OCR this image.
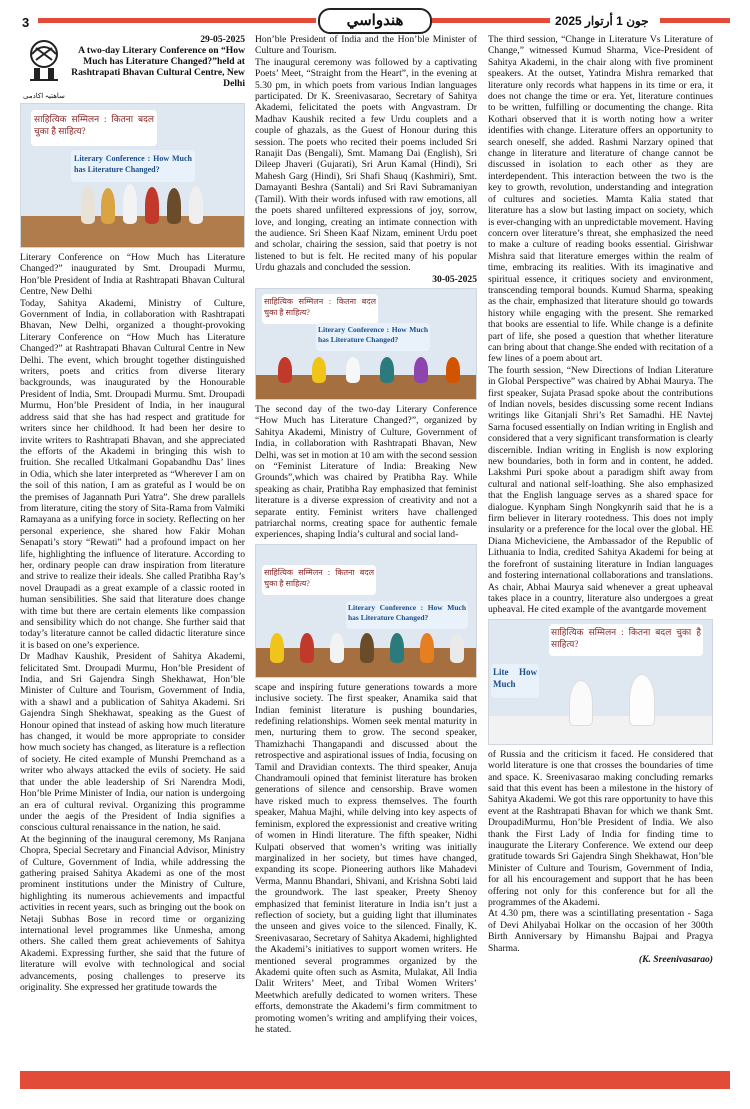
3	هندواسي	2025 جون 1 أرتوار
ساهتیہ اکادمی
29-05-2025
A two-day Literary Conference on “How Much has Literature Changed?”held at Rashtrapati Bhavan Cultural Centre, New Delhi
साहित्यिक सम्मिलन : कितना बदल चुका है साहित्य?
Literary Conference : How Much has Literature Changed?

Literary Conference on “How Much has Literature Changed?” inaugurated by Smt. Droupadi Murmu, Hon’ble President of India at Rashtrapati Bhavan Cultural Centre, New Delhi

Today, Sahitya Akademi, Ministry of Culture, Government of India, in collaboration with Rashtrapati Bhavan, New Delhi, organized a thought-provoking Literary Conference on “How Much has Literature Changed?” at Rashtrapati Bhavan Cultural Centre in New Delhi. The event, which brought together distinguished writers, poets and critics from diverse literary backgrounds, was inaugurated by the Honourable President of India, Smt. Droupadi Murmu. Smt. Droupadi Murmu, Hon’ble President of India, in her inaugural address said that she has had respect and gratitude for writers since her childhood. It had been her desire to invite writers to Rashtrapati Bhavan, and she appreciated the efforts of the Akademi in bringing this wish to fruition. She recalled Utkalmani Gopabandhu Das’ lines in Odia, which she later interpreted as “Wherever I am on the soil of this nation, I am as grateful as I would be on the premises of Jagannath Puri Yatra”. She drew parallels from literature, citing the story of Sita-Rama from Valmiki Ramayana as a unifying force in society. Reflecting on her personal experience, she shared how Fakir Mohan Senapati’s story “Rewati” had a profound impact on her life, highlighting the influence of literature. According to her, ordinary people can draw inspiration from literature and strive to realize their ideals. She called Pratibha Ray’s novel Draupadi as a great example of a classic rooted in human sensibilities. She said that literature does change with time but there are certain elements like compassion and sensibility which do not change. She further said that today’s literature cannot be called didactic literature since it is based on one’s experience.

Dr Madhav Kaushik, President of Sahitya Akademi, felicitated Smt. Droupadi Murmu, Hon’ble President of India, and Sri Gajendra Singh Shekhawat, Hon’ble Minister of Culture and Tourism, Government of India, with a shawl and a publication of Sahitya Akademi. Sri Gajendra Singh Shekhawat, speaking as the Guest of Honour opined that instead of asking how much literature has changed, it would be more appropriate to consider how much society has changed, as literature is a reflection of society. He cited example of Munshi Premchand as a writer who always attacked the evils of society. He said that under the able leadership of Sri Narendra Modi, Hon’ble Prime Minister of India, our nation is undergoing an era of cultural revival. Organizing this programme under the aegis of the President of India signifies a conscious cultural renaissance in the nation, he said.

At the beginning of the inaugural ceremony, Ms Ranjana Chopra, Special Secretary and Financial Advisor, Ministry of Culture, Government of India, while addressing the gathering praised Sahitya Akademi as one of the most prominent institutions under the Ministry of Culture, highlighting its numerous achievements and impactful activities in recent years, such as bringing out the book on Netaji Subhas Bose in record time or organizing international level programmes like Unmesha, among others. She called them great achievements of Sahitya Akademi. Expressing further, she said that the future of literature will evolve with technological and social advancements, posing challenges to preserve its originality. She expressed her gratitude towards the

Hon’ble President of India and the Hon’ble Minister of Culture and Tourism.

The inaugural ceremony was followed by a captivating Poets’ Meet, “Straight from the Heart”, in the evening at 5.30 pm, in which poets from various Indian languages participated. Dr K. Sreenivasarao, Secretary of Sahitya Akademi, felicitated the poets with Angvastram. Dr Madhav Kaushik recited a few Urdu couplets and a couple of ghazals, as the Guest of Honour during this session. The poets who recited their poems included Sri Ranajit Das (Bengali), Smt. Mamang Dai (English), Sri Dileep Jhaveri (Gujarati), Sri Arun Kamal (Hindi), Sri Mahesh Garg (Hindi), Sri Shafi Shauq (Kashmiri), Smt. Damayanti Beshra (Santali) and Sri Ravi Subramaniyan (Tamil). With their words infused with raw emotions, all the poets shared unfiltered expressions of joy, sorrow, love, and longing, creating an intimate connection with the audience. Sri Sheen Kaaf Nizam, eminent Urdu poet and scholar, chairing the session, said that poetry is not listened to but is felt. He recited many of his popular Urdu ghazals and concluded the session.

30-05-2025
साहित्यिक सम्मिलन : कितना बदल चुका है साहित्य?
Literary Conference : How Much has Literature Changed?

The second day of the two-day Literary Conference “How Much has Literature Changed?”, organized by Sahitya Akademi, Ministry of Culture, Government of India, in collaboration with Rashtrapati Bhavan, New Delhi, was set in motion at 10 am with the second session on “Feminist Literature of India: Breaking New Grounds”,which was chaired by Pratibha Ray. While speaking as chair, Pratibha Ray emphasized that feminist literature is a diverse expression of creativity and not a separate entity. Feminist writers have challenged patriarchal norms, creating space for authentic female experiences, shaping India’s cultural and social land-

साहित्यिक सम्मिलन : कितना बदल चुका है साहित्य?
Literary Conference : How Much has Literature Changed?

scape and inspiring future generations towards a more inclusive society. The first speaker, Anamika said that Indian feminist literature is pushing boundaries, redefining relationships. Women seek mental maturity in men, nurturing them to grow. The second speaker, Thamizhachi Thangapandi and discussed about the retrospective and aspirational issues of India, focusing on Tamil and Dravidian contexts. The third speaker, Anuja Chandramouli opined that feminist literature has broken generations of silence and censorship. Brave women have risked much to express themselves. The fourth speaker, Mahua Majhi, while delving into key aspects of feminism, explored the expressionist and creative writing of women in Hindi literature. The fifth speaker, Nidhi Kulpati observed that women’s writing was initially marginalized in her society, but times have changed, expanding its scope. Pioneering authors like Mahadevi Verma, Mannu Bhandari, Shivani, and Krishna Sobti laid the groundwork. The last speaker, Preety Shenoy emphasized that feminist literature in India isn’t just a reflection of society, but a guiding light that illuminates the unseen and gives voice to the silenced. Finally, K. Sreenivasarao, Secretary of Sahitya Akademi, highlighted the Akademi’s initiatives to support women writers. He mentioned several programmes organized by the Akademi quite often such as Asmita, Mulakat, All India Dalit Writers’ Meet, and Tribal Women Writers’ Meetwhich arefully dedicated to women writers. These efforts, demonstrate the Akademi’s firm commitment to promoting women’s writing and amplifying their voices, he stated.

The third session, “Change in Literature Vs Literature of Change,” witnessed Kumud Sharma, Vice-President of Sahitya Akademi, in the chair along with five prominent speakers. At the outset, Yatindra Mishra remarked that literature only records what happens in its time or era, it does not change the time or era. Yet, literature continues to be written, fulfilling or documenting the change. Rita Kothari observed that it is worth noting how a writer identifies with change. Literature offers an opportunity to search oneself, she added. Rashmi Narzary opined that change in literature and literature of change cannot be discussed in isolation to each other as they are interdependent. This interaction between the two is the key to growth, revolution, understanding and integration of cultures and societies. Mamta Kalia stated that literature has a slow but lasting impact on society, which is ever-changing with an unpredictable movement. Having concern over literature’s threat, she emphasized the need to make a culture of reading books essential. Girishwar Mishra said that literature emerges within the realm of time, embracing its realities. With its imaginative and spiritual essence, it critiques society and environment, transcending temporal bounds. Kumud Sharma, speaking as the chair, emphasized that literature should go towards history while engaging with the present. She remarked that books are essential to life. While change is a definite part of life, she posed a question that whether literature can bring about that change.She ended with recitation of a few lines of a poem about art.

The fourth session, “New Directions of Indian Literature in Global Perspective” was chaired by Abhai Maurya. The first speaker, Sujata Prasad spoke about the contributions of Indian novels, besides discussing some recent Indians writings like Gitanjali Shri’s Ret Samadhi. HE Navtej Sarna focused essentially on Indian writing in English and considered that a very significant transformation is clearly discernible. Indian writing in English is now exploring new boundaries, both in form and in content, he added. Lakshmi Puri spoke about a paradigm shift away from cultural and national self-loathing. She also emphasized that the English language serves as a shared space for dialogue. Kynpham Singh Nongkynrih said that he is a firm believer in literary rootedness. This does not imply insularity or a preference for the local over the global. HE Diana Micheviciene, the Ambassador of the Republic of Lithuania to India, credited Sahitya Akademi for being at the forefront of sustaining literature in Indian languages and fostering international collaborations and translations. As chair, Abhai Maurya said whenever a great upheaval takes place in a country, literature also undergoes a great upheaval. He cited example of the avantgarde movement

साहित्यिक सम्मिलन : कितना बदल चुका है साहित्य?
Lite How Much

of Russia and the criticism it faced. He considered that world literature is one that crosses the boundaries of time and space. K. Sreenivasarao making concluding remarks said that this event has been a milestone in the history of Sahitya Akademi. We got this rare opportunity to have this event at the Rashtrapati Bhavan for which we thank Smt. DroupadiMurmu, Hon’ble President of India. We also thank the First Lady of India for finding time to inaugurate the Literary Conference. We extend our deep gratitude towards Sri Gajendra Singh Shekhawat, Hon’ble Minister of Culture and Tourism, Government of India, for all his encouragement and support that he has been offering not only for this conference but for all the programmes of the Akademi.

At 4.30 pm, there was a scintillating presentation - Saga of Devi Ahilyabai Holkar on the occasion of her 300th Birth Anniversary by Himanshu Bajpai and Pragya Sharma.

(K. Sreenivasarao)
